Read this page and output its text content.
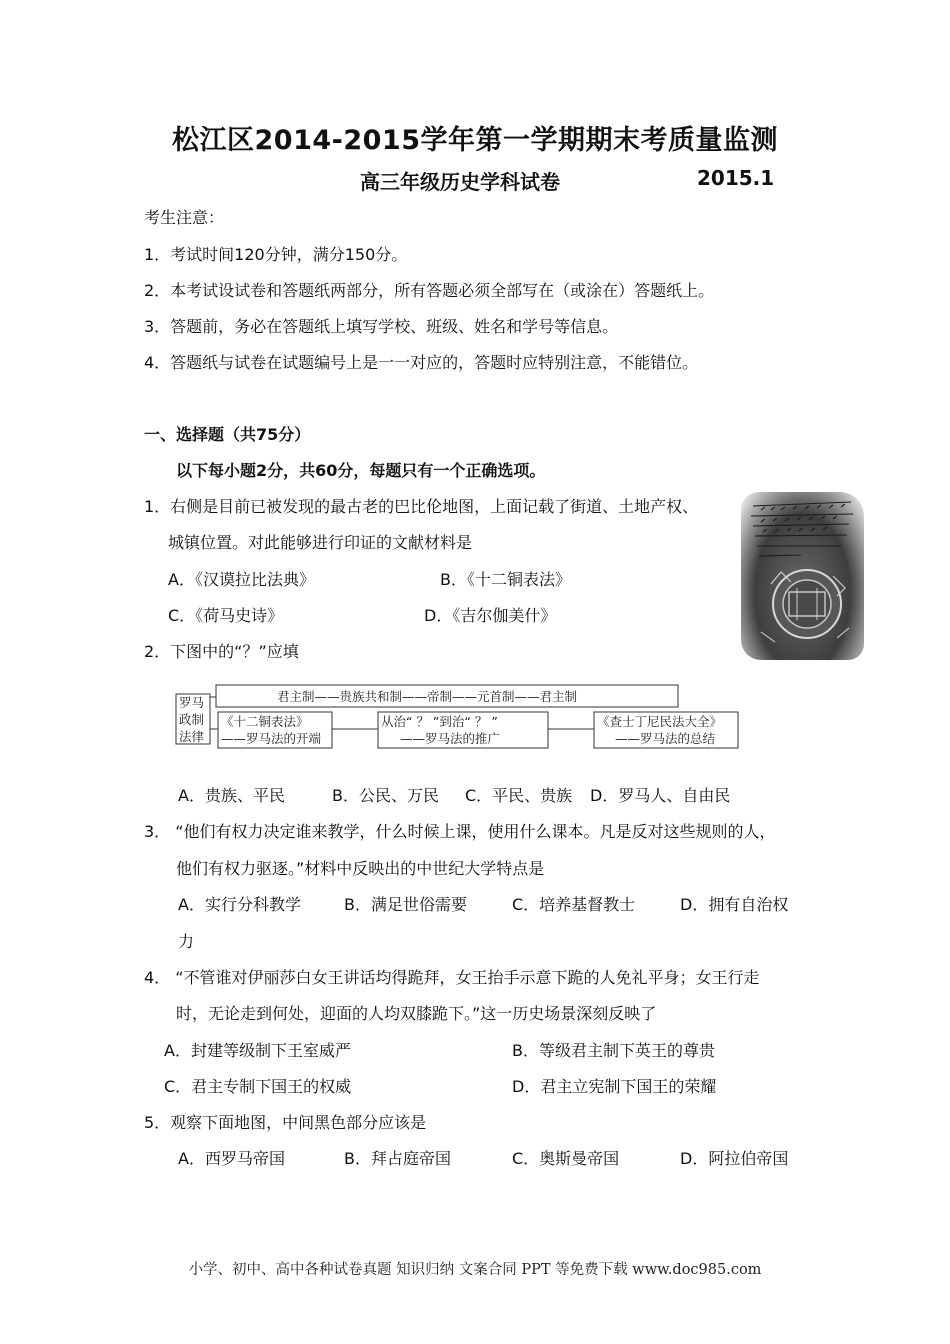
松江区2014-2015学年第一学期期末考质量监测
高三年级历史学科试卷	2015.1
考生注意：
1．考试时间120分钟，满分150分。
2．本考试设试卷和答题纸两部分，所有答题必须全部写在（或涂在）答题纸上。
3．答题前，务必在答题纸上填写学校、班级、姓名和学号等信息。
4．答题纸与试卷在试题编号上是一一对应的，答题时应特别注意，不能错位。
一、选择题（共75分）
以下每小题2分，共60分，每题只有一个正确选项。
1．右侧是目前已被发现的最古老的巴比伦地图，上面记载了街道、土地产权、
城镇位置。对此能够进行印证的文献材料是
A．《汉谟拉比法典》	B．《十二铜表法》
C．《荷马史诗》	D．《吉尔伽美什》
2．下图中的“？”应填
罗马
政制
法律
君主制——贵族共和制——帝制——元首制——君主制
《十二铜表法》
——罗马法的开端
从治“ ？ ”到治“ ？ ”
——罗马法的推广
《查士丁尼民法大全》
——罗马法的总结
A．贵族、平民	B．公民、万民 C．平民、贵族 D．罗马人、自由民
3． “他们有权力决定谁来教学，什么时候上课，使用什么课本。凡是反对这些规则的人，
他们有权力驱逐。”材料中反映出的中世纪大学特点是
A．实行分科教学	B．满足世俗需要	C．培养基督教士	D．拥有自治权
力
4． “不管谁对伊丽莎白女王讲话均得跪拜，女王抬手示意下跪的人免礼平身；女王行走
时，无论走到何处，迎面的人均双膝跪下。”这一历史场景深刻反映了
A．封建等级制下王室威严	B．等级君主制下英王的尊贵
C．君主专制下国王的权威	D．君主立宪制下国王的荣耀
5．观察下面地图，中间黑色部分应该是
A．西罗马帝国	B．拜占庭帝国	C．奥斯曼帝国	D．阿拉伯帝国
小学、初中、高中各种试卷真题 知识归纳 文案合同 PPT 等免费下载 www.doc985.com
